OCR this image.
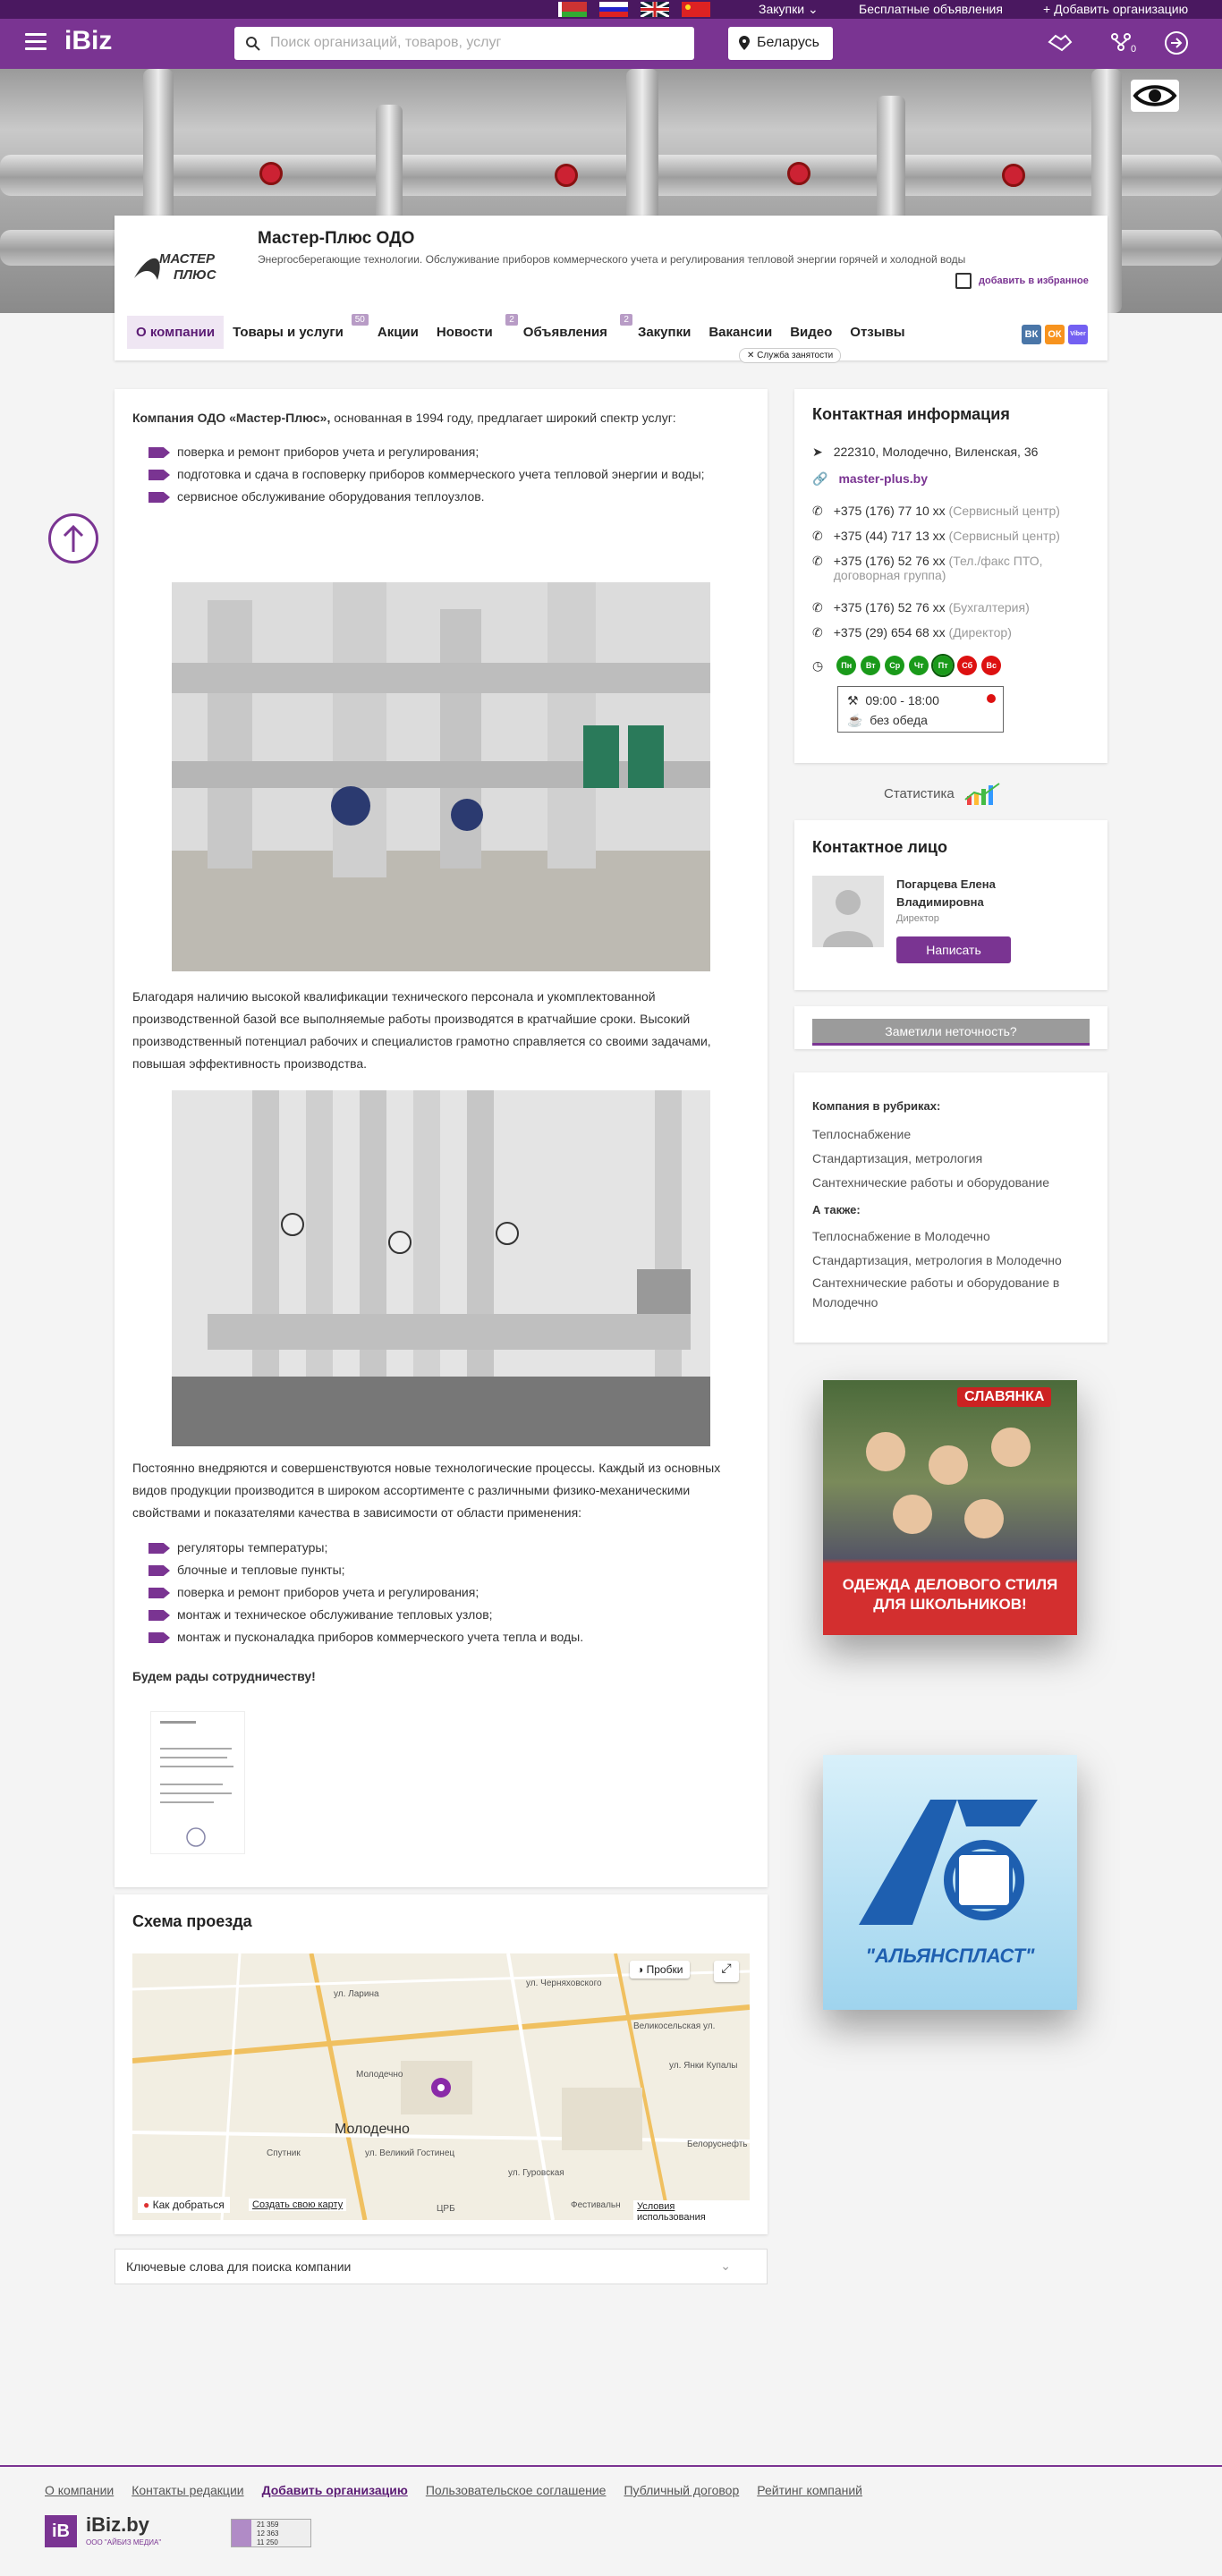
Закупки ⌄	Бесплатные объявления	+ Добавить организацию
iBiz	Поиск организаций, товаров, услуг	Беларусь	0
МАСТЕР
ПЛЮС
Мастер-Плюс ОДО
Энергосберегающие технологии. Обслуживание приборов коммерческого учета и регулирования тепловой энергии горячей и холодной воды
добавить в избранное
О компании	Товары и услуги
50
Акции	Новости
2
Объявления
2
Закупки	Вакансии	Видео	Отзывы
✕ Служба занятости
ВК	ОК	Viber

Компания ОДО «Мастер-Плюс», основанная в 1994 году, предлагает широкий спектр услуг:

поверка и ремонт приборов учета и регулирования;
подготовка и сдача в госповерку приборов коммерческого учета тепловой энергии и воды;
сервисное обслуживание оборудования теплоузлов.

Благодаря наличию высокой квалификации технического персонала и укомплектованной производственной базой все выполняемые работы производятся в кратчайшие сроки. Высокий производственный потенциал рабочих и специалистов грамотно справляется со своими задачами, повышая эффективность производства.

Постоянно внедряются и совершенствуются новые технологические процессы. Каждый из основных видов продукции производится в широком ассортименте с различными физико-механическими свойствами и показателями качества в зависимости от области применения:

регуляторы температуры;
блочные и тепловые пункты;
поверка и ремонт приборов учета и регулирования;
монтаж и техническое обслуживание тепловых узлов;
монтаж и пусконаладка приборов коммерческого учета тепла и воды.

Будем рады сотрудничеству!

Схема проезда
Молодечно
ул. Ларина
ул. Черняховского
Великосельская ул.
ул. Янки Купалы
Молодечно
Спутник	ул. Великий Гостинец
Белоруснефть
Фестивальн
ЦРБ
ул. Гуровская
◑ Пробки	⤢
● Как добраться	Создать свою карту	Условия использования
Ключевые слова для поиска компании	⌄
Контактная информация
➤ 222310, Молодечно, Виленская, 36
🔗 master-plus.by
✆ +375 (176) 77 10 xx (Сервисный центр)
✆ +375 (44) 717 13 xx (Сервисный центр)
✆ +375 (176) 52 76 xx (Тел./факс ПТО, договорная группа)
✆ +375 (176) 52 76 xx (Бухгалтерия)
✆ +375 (29) 654 68 xx (Директор)
◷	Пн	Вт	Ср	Чт	Пт	Сб	Вс
⚒ 09:00 - 18:00
☕ без обеда
Статистика
Контактное лицо
Погарцева Елена Владимировна
Директор
Написать
Заметили неточность?
Компания в рубриках:
Теплоснабжение
Стандартизация, метрология
Сантехнические работы и оборудование
А также:
Теплоснабжение в Молодечно
Стандартизация, метрология в Молодечно
Сантехнические работы и оборудование в Молодечно
СЛАВЯНКА
ОДЕЖДА ДЕЛОВОГО СТИЛЯ ДЛЯ ШКОЛЬНИКОВ!
"АЛЬЯНСПЛАСТ"
О компании Контакты редакции Добавить организацию Пользовательское соглашение Публичный договор Рейтинг компаний
iB iBiz.by
ООО "АЙБИЗ МЕДИА"
21 359
12 363
11 250
